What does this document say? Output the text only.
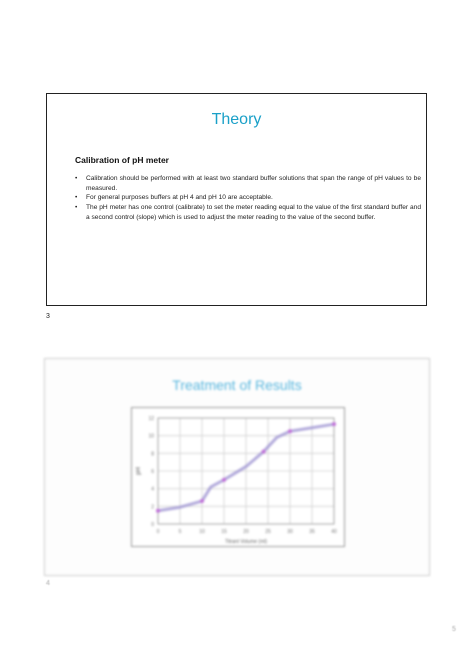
Theory
Calibration of pH meter
• Calibration should be performed with at least two standard buffer solutions that span the range of pH values to be measured.
• For general purposes buffers at pH 4 and pH 10 are acceptable.
• The pH meter has one control (calibrate) to set the meter reading equal to the value of the first standard buffer and a second control (slope) which is used to adjust the meter reading to the value of the second buffer.
3
Treatment of Results
0	5	10	15	20	25	30	35	40
0
2
4
6
8
10
12
Titrant Volume (ml)
pH
4
5
